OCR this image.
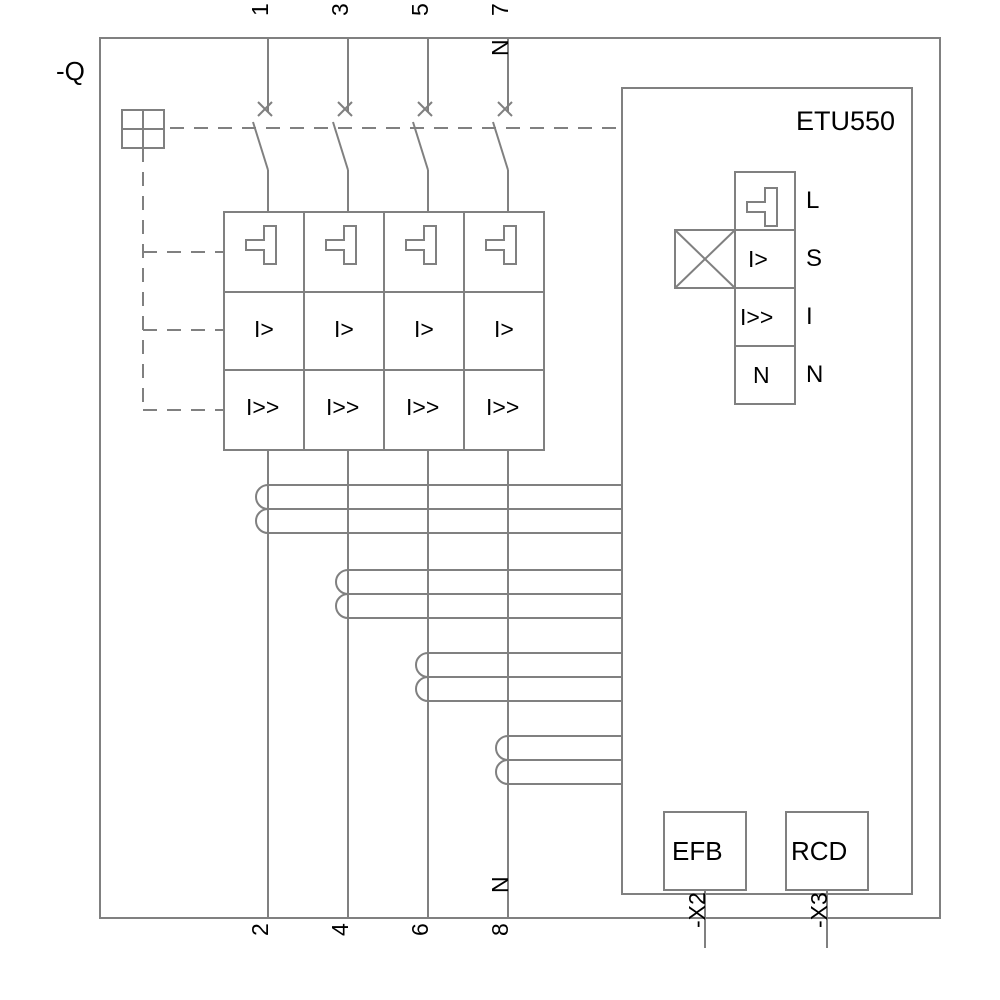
-Q
ETU550
1 3 5 7
N
2 4 6 8
N
I>	I>	I>	I>
I>> I>> I>> I>>
I>
I>>
N
L
S
I
N
EFB	RCD
-X2	-X3
